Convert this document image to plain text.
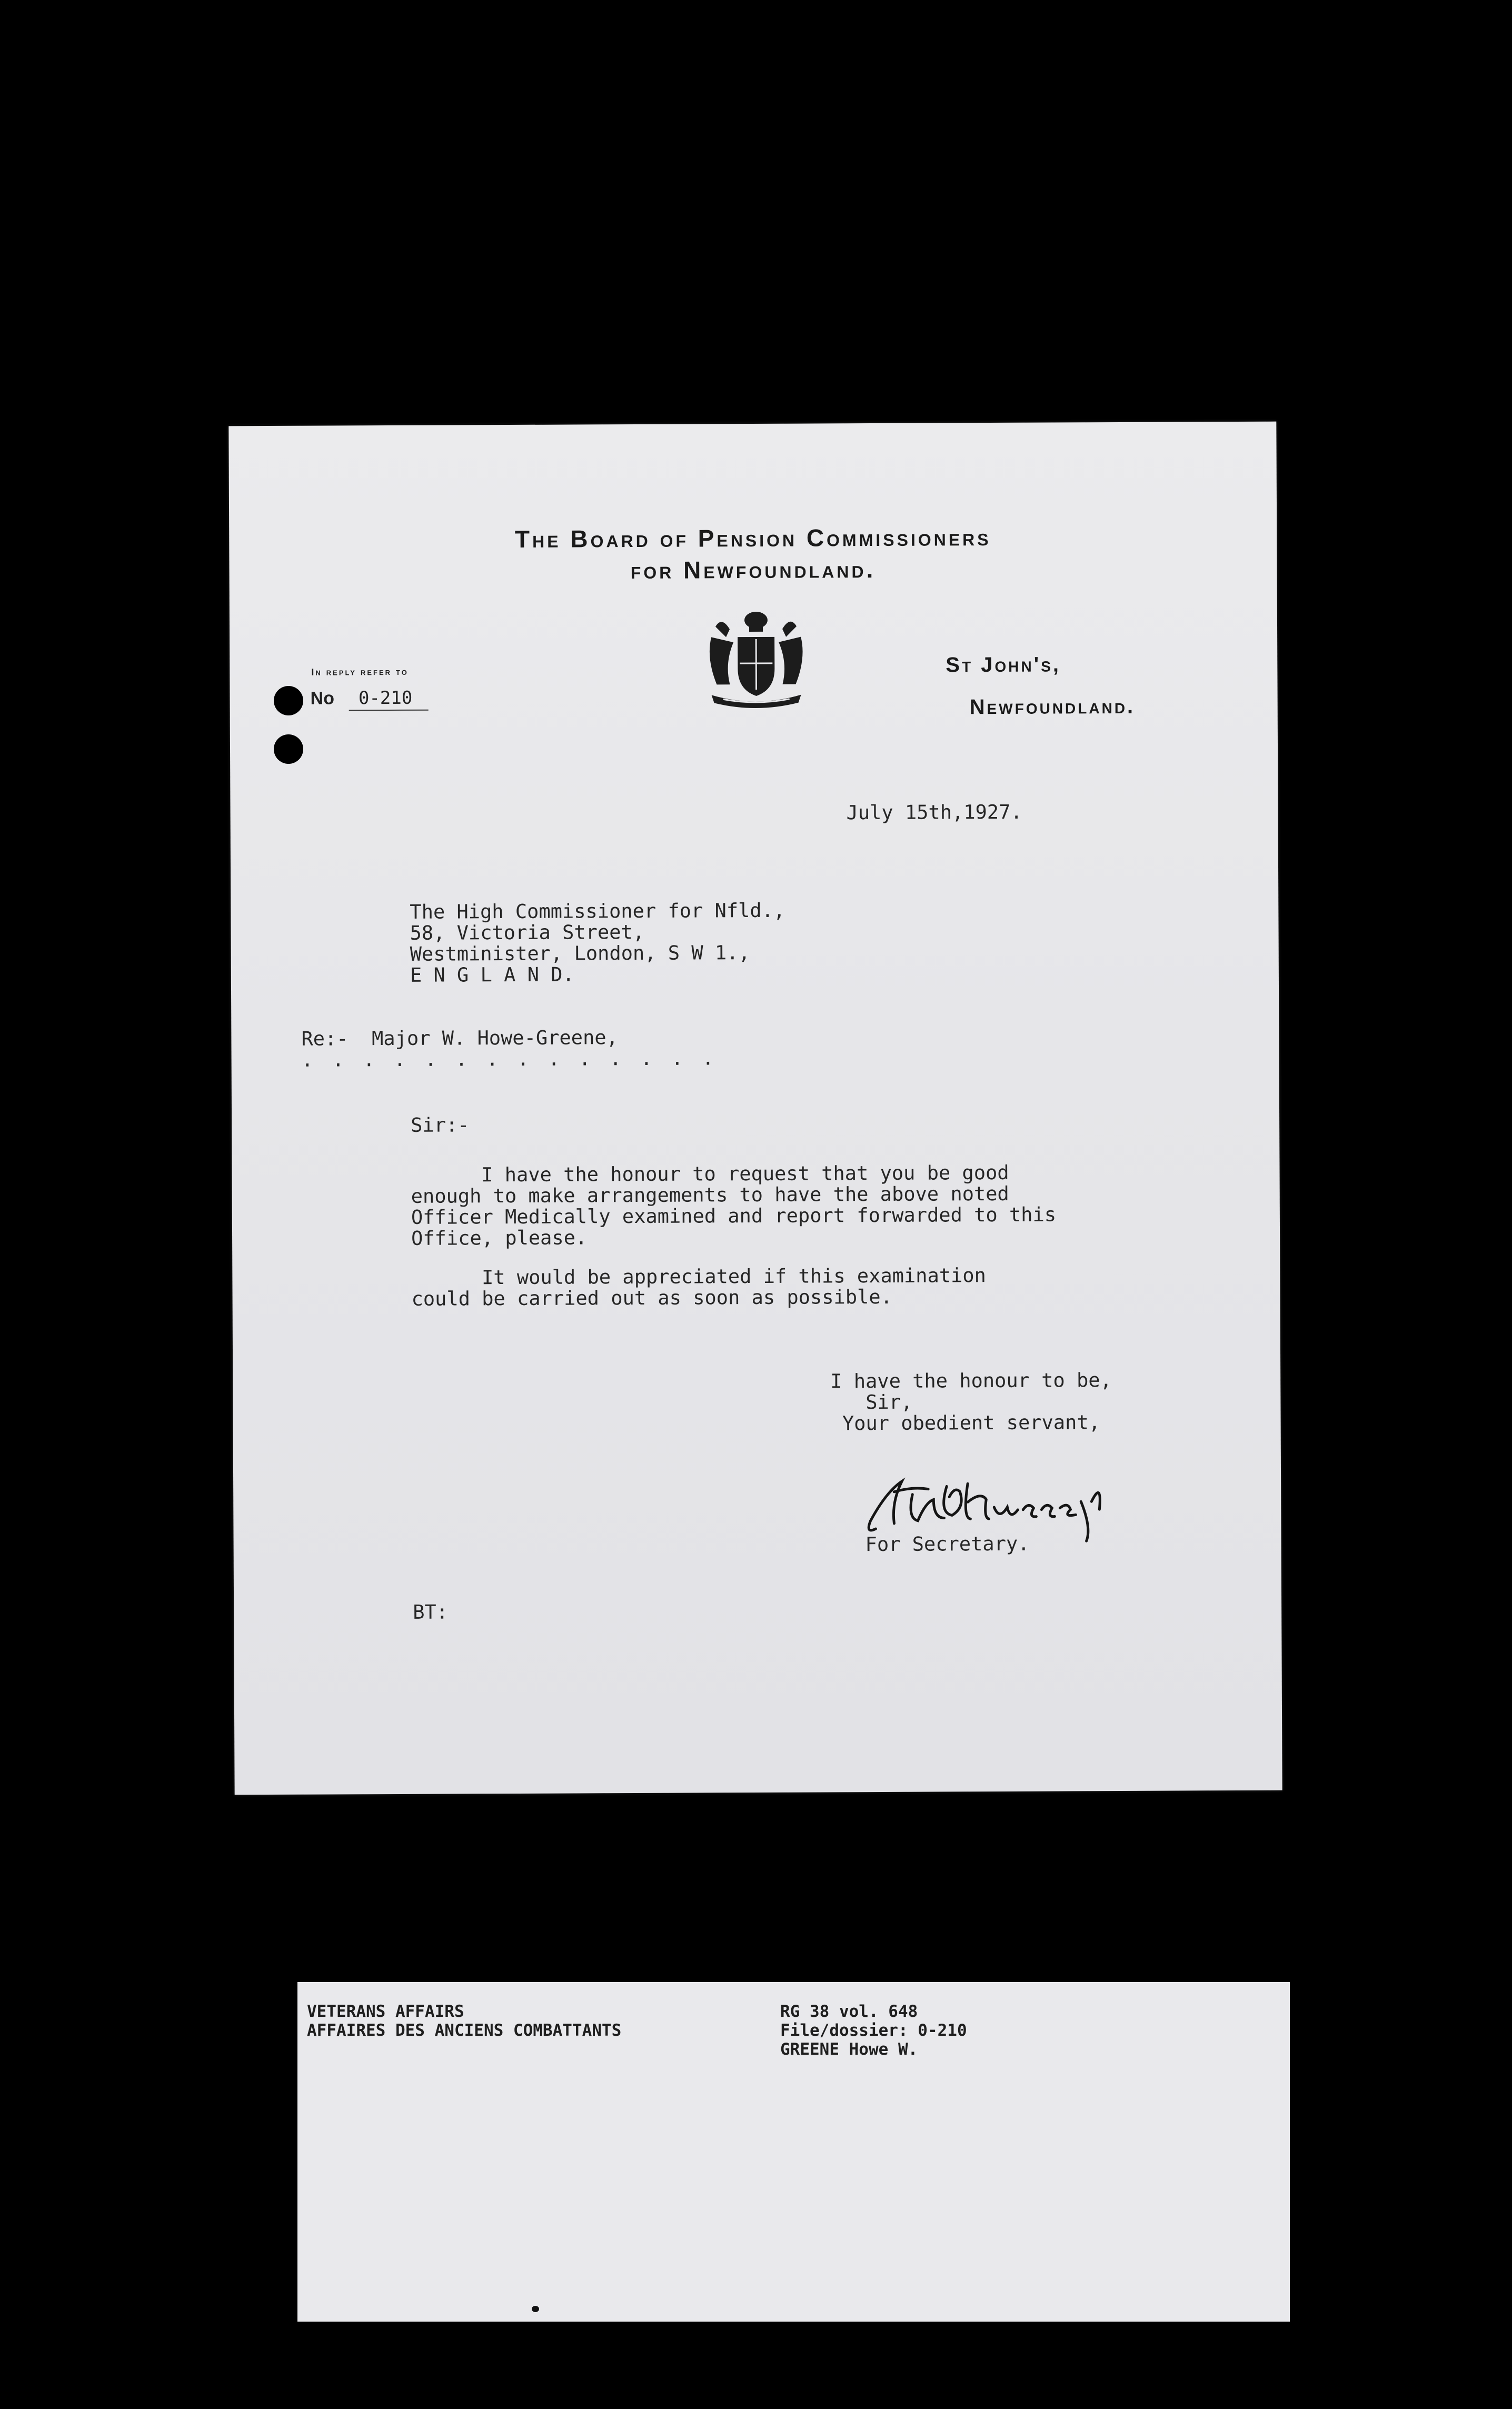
The Board of Pension Commissioners
for Newfoundland.
In reply refer to
No 0-210
St John's,
Newfoundland.
July 15th,1927.
The High Commissioner for Nfld.,
58, Victoria Street,
Westminister, London, S W 1.,
E N G L A N D.
Re:-  Major W. Howe-Greene,
. . . . . . . . . . . . . .
Sir:-
I have the honour to request that you be good
enough to make arrangements to have the above noted
Officer Medically examined and report forwarded to this
Office, please.
It would be appreciated if this examination
could be carried out as soon as possible.
I have the honour to be,
Sir,
Your obedient servant,
For Secretary.
BT:
VETERANS AFFAIRS
AFFAIRES DES ANCIENS COMBATTANTS
RG 38 vol. 648
File/dossier: 0-210
GREENE Howe W.
